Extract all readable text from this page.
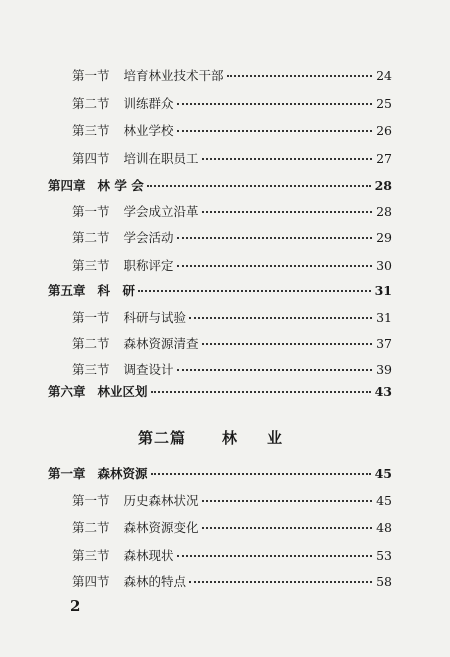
第一节 培育林业技术干部	24
第二节 训练群众	25
第三节 林业学校	26
第四节 培训在职员工	27
第四章 林 学 会	28
第一节 学会成立沿革	28
第二节 学会活动	29
第三节 职称评定	30
第五章 科　研	31
第一节 科研与试验	31
第二节 森林资源清查	37
第三节 调查设计	39
第六章 林业区划	43
第二篇 林业
第一章 森林资源	45
第一节 历史森林状况	45
第二节 森林资源变化	48
第三节 森林现状	53
第四节 森林的特点	58
2
